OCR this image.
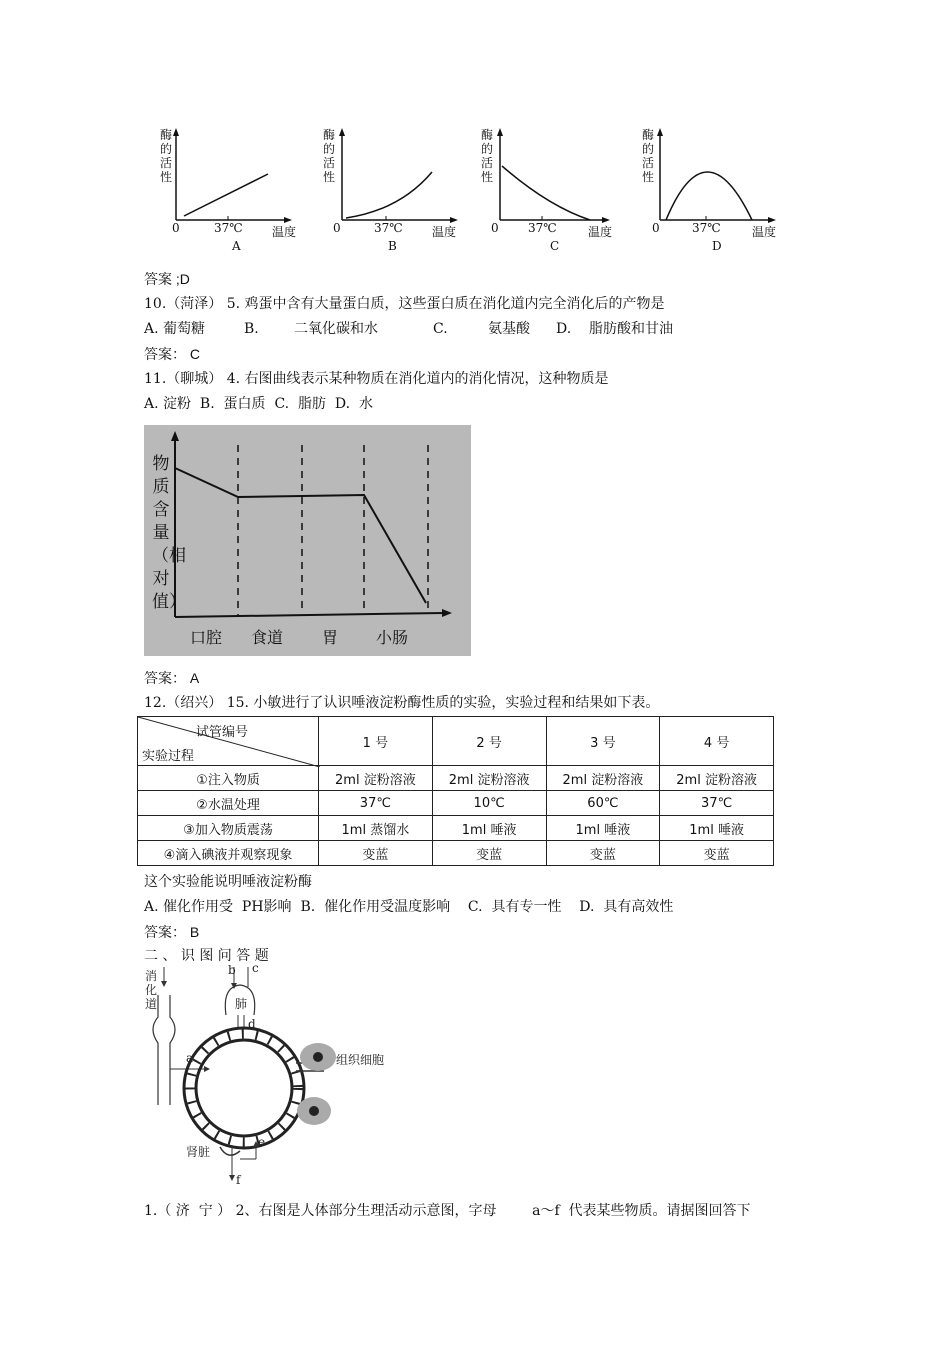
酶的活性
0	37℃ 温度
A
酶的活性
0	37℃ 温度
B
酶的活性
0 37℃	温度
C
酶的活性
0	37℃	温度
D
答案 ;D
10.（菏泽） 5. 鸡蛋中含有大量蛋白质，这些蛋白质在消化道内完全消化后的产物是
A. 葡萄糖	B.	二氧化碳和水	C.	氨基酸 D. 脂肪酸和甘油
答案： C
11.（聊城） 4. 右图曲线表示某种物质在消化道内的消化情况，这种物质是
A. 淀粉  B.  蛋白质  C.  脂肪  D.  水
物质含量（相对值）
口腔 食道 胃 小肠
答案： A
12.（绍兴） 15. 小敏进行了认识唾液淀粉酶性质的实验，实验过程和结果如下表。
试管编号
实验过程	1 号	2 号	3 号	4 号
①注入物质	2ml 淀粉溶液	2ml 淀粉溶液	2ml 淀粉溶液	2ml 淀粉溶液
②水温处理	37℃	10℃	60℃	37℃
③加入物质震荡	1ml 蒸馏水	1ml 唾液	1ml 唾液	1ml 唾液
④滴入碘液并观察现象	变蓝	变蓝	变蓝	变蓝
这个实验能说明唾液淀粉酶
A. 催化作用受  PH影响  B.  催化作用受温度影响    C.  具有专一性    D.  具有高效性
答案： B
二 、 识 图 问 答 题
消化道	肺
组织细胞
肾脏
a
b c
d
e
f
1.（ 济  宁 ） 2、右图是人体部分生理活动示意图，字母        a～f  代表某些物质。请据图回答下
